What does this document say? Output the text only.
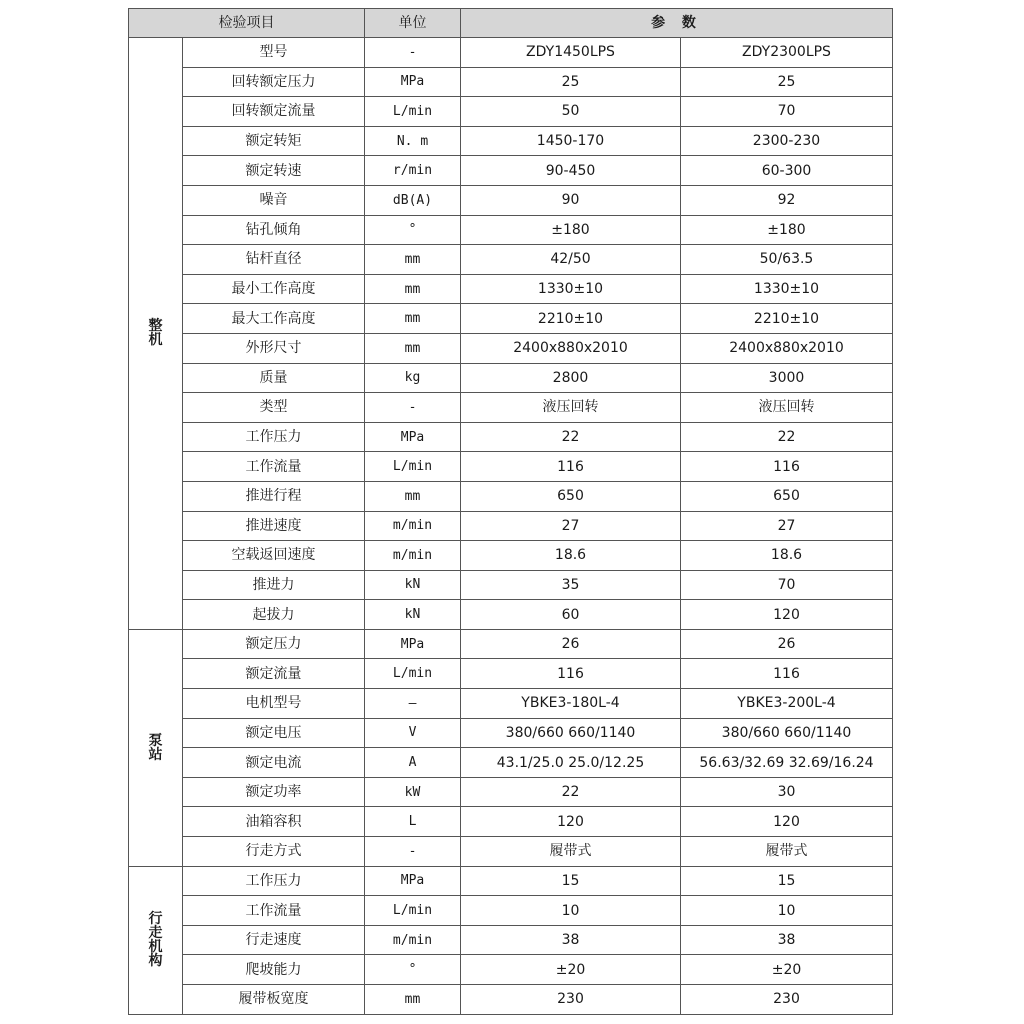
检验项目		单位	参 数	

整
机	型号	-	ZDY1450LPS	ZDY2300LPS
	回转额定压力	MPa	25	25
	回转额定流量	L/min	50	70
	额定转矩	N. m	1450-170	2300-230
	额定转速	r/min	90-450	60-300
	噪音	dB(A)	90	92
	钻孔倾角	°	±180	±180
	钻杆直径	mm	42/50	50/63.5
	最小工作高度	mm	1330±10	1330±10
	最大工作高度	mm	2210±10	2210±10
	外形尺寸	mm	2400x880x2010	2400x880x2010
	质量	kg	2800	3000
	类型	-	液压回转	液压回转
	工作压力	MPa	22	22
	工作流量	L/min	116	116
	推进行程	mm	650	650
	推进速度	m/min	27	27
	空载返回速度	m/min	18.6	18.6
	推进力	kN	35	70
	起拔力	kN	60	120

泵
站	额定压力	MPa	26	26
	额定流量	L/min	116	116
	电机型号	—	YBKE3-180L-4	YBKE3-200L-4
	额定电压	V	380/660 660/1140	380/660 660/1140
	额定电流	A	43.1/25.0 25.0/12.25	56.63/32.69 32.69/16.24
	额定功率	kW	22	30
	油箱容积	L	120	120
	行走方式	-	履带式	履带式

行
走
机
构	工作压力	MPa	15	15
	工作流量	L/min	10	10
	行走速度	m/min	38	38
	爬坡能力	°	±20	±20
	履带板宽度	mm	230	230
